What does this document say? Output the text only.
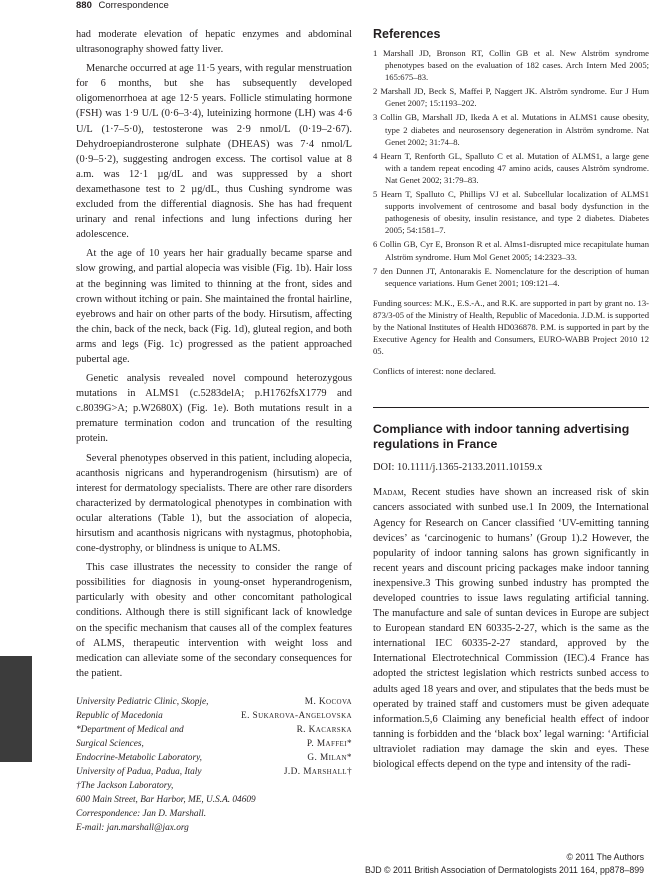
880 Correspondence

had moderate elevation of hepatic enzymes and abdominal ultrasonography showed fatty liver.

Menarche occurred at age 11·5 years, with regular menstruation for 6 months, but she has subsequently developed oligomenorrhoea at age 12·5 years. Follicle stimulating hormone (FSH) was 1·9 U/L (0·6–3·4), luteinizing hormone (LH) was 4·6 U/L (1·7–5·0), testosterone was 2·9 nmol/L (0·19–2·67). Dehydroepiandrosterone sulphate (DHEAS) was 7·4 nmol/L (0·9–5·2), suggesting androgen excess. The cortisol value at 8 a.m. was 12·1 µg/dL and was suppressed by a short dexamethasone test to 2 µg/dL, thus Cushing syndrome was excluded from the differential diagnosis. She has had frequent urinary and renal infections and lung infections during her adolescence.

At the age of 10 years her hair gradually became sparse and slow growing, and partial alopecia was visible (Fig. 1b). Hair loss at the beginning was limited to thinning at the front, sides and crown without itching or pain. She maintained the frontal hairline, eyebrows and hair on other parts of the body. Hirsutism, affecting the chin, back of the neck, back (Fig. 1d), gluteal region, and both arms and legs (Fig. 1c) progressed as the patient approached pubertal age.

Genetic analysis revealed novel compound heterozygous mutations in ALMS1 (c.5283delA; p.H1762fsX1779 and c.8039G>A; p.W2680X) (Fig. 1e). Both mutations result in a premature termination codon and truncation of the resulting protein.

Several phenotypes observed in this patient, including alopecia, acanthosis nigricans and hyperandrogenism (hirsutism) are of interest for dermatology specialists. There are other rare disorders characterized by dermatological phenotypes in combination with ocular alterations (Table 1), but the association of alopecia, hirsutism and acanthosis nigricans with nystagmus, photophobia, cone-dystrophy, or blindness is unique to ALMS.

This case illustrates the necessity to consider the range of possibilities for diagnosis in young-onset hyperandrogenism, particularly with obesity and other concomitant pathological conditions. Although there is still significant lack of knowledge on the specific mechanism that causes all of the complex features of ALMS, therapeutic intervention with weight loss and medication can alleviate some of the secondary consequences for the patient.

University Pediatric Clinic, Skopje,
Republic of Macedonia
*Department of Medical and
Surgical Sciences,
Endocrine-Metabolic Laboratory,
University of Padua, Padua, Italy
†The Jackson Laboratory,
600 Main Street, Bar Harbor, ME, U.S.A. 04609
Correspondence: Jan D. Marshall.
E-mail: jan.marshall@jax.org
M. Kocova
E. Sukarova-Angelovska
R. Kacarska
P. Maffei*
G. Milan*
J.D. Marshall†
References
1 Marshall JD, Bronson RT, Collin GB et al. New Alström syndrome phenotypes based on the evaluation of 182 cases. Arch Intern Med 2005; 165:675–83.
2 Marshall JD, Beck S, Maffei P, Naggert JK. Alström syndrome. Eur J Hum Genet 2007; 15:1193–202.
3 Collin GB, Marshall JD, Ikeda A et al. Mutations in ALMS1 cause obesity, type 2 diabetes and neurosensory degeneration in Alström syndrome. Nat Genet 2002; 31:74–8.
4 Hearn T, Renforth GL, Spalluto C et al. Mutation of ALMS1, a large gene with a tandem repeat encoding 47 amino acids, causes Alström syndrome. Nat Genet 2002; 31:79–83.
5 Hearn T, Spalluto C, Phillips VJ et al. Subcellular localization of ALMS1 supports involvement of centrosome and basal body dysfunction in the pathogenesis of obesity, insulin resistance, and type 2 diabetes. Diabetes 2005; 54:1581–7.
6 Collin GB, Cyr E, Bronson R et al. Alms1-disrupted mice recapitulate human Alström syndrome. Hum Mol Genet 2005; 14:2323–33.
7 den Dunnen JT, Antonarakis E. Nomenclature for the description of human sequence variations. Hum Genet 2001; 109:121–4.
Funding sources: M.K., E.S.-A., and R.K. are supported in part by grant no. 13-873/3-05 of the Ministry of Health, Republic of Macedonia. J.D.M. is supported by the National Institutes of Health HD036878. P.M. is supported in part by the Executive Agency for Health and Consumers, EURO-WABB Project 2010 12 05.
Conflicts of interest: none declared.
Compliance with indoor tanning advertising regulations in France
DOI: 10.1111/j.1365-2133.2011.10159.x

Madam, Recent studies have shown an increased risk of skin cancers associated with sunbed use.1 In 2009, the International Agency for Research on Cancer classified ‘UV-emitting tanning devices’ as ‘carcinogenic to humans’ (Group 1).2 However, the popularity of indoor tanning salons has grown significantly in recent years and discount pricing packages make indoor tanning inexpensive.3 This growing sunbed industry has prompted the developed countries to issue laws regulating artificial tanning. The manufacture and sale of suntan devices in Europe are subject to European standard EN 60335-2-27, which is the same as the international IEC 60335-2-27 standard, approved by the International Electrotechnical Commission (IEC).4 France has adopted the strictest legislation which restricts sunbed access to adults aged 18 years and over, and stipulates that the beds must be operated by trained staff and customers must be given adequate information.5,6 Claiming any beneficial health effect of indoor tanning is forbidden and the ‘black box’ legal warning: ‘Artificial ultraviolet radiation may damage the skin and eyes. These biological effects depend on the type and intensity of the radi-

© 2011 The Authors
BJD © 2011 British Association of Dermatologists 2011 164, pp878–899
